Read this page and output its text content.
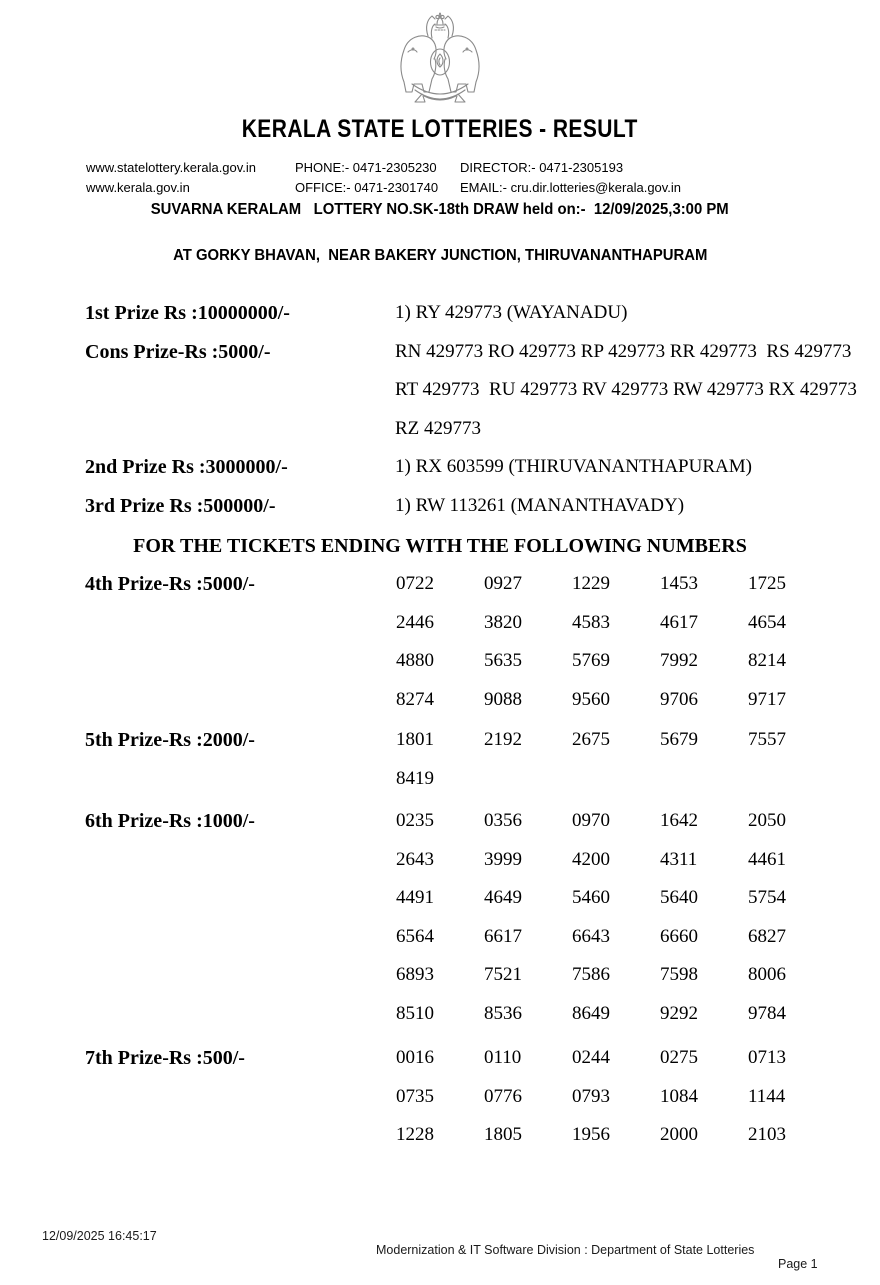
KERALA STATE LOTTERIES - RESULT
www.statelottery.kerala.gov.in	PHONE:- 0471-2305230	DIRECTOR:- 0471-2305193
www.kerala.gov.in	OFFICE:- 0471-2301740	EMAIL:- cru.dir.lotteries@kerala.gov.in
SUVARNA KERALAM   LOTTERY NO.SK-18th DRAW held on:-  12/09/2025,3:00 PM
AT GORKY BHAVAN,  NEAR BAKERY JUNCTION, THIRUVANANTHAPURAM
1st Prize Rs :10000000/-	1) RY 429773 (WAYANADU)
Cons Prize-Rs :5000/-	RN 429773 RO 429773 RP 429773 RR 429773  RS 429773
RT 429773  RU 429773 RV 429773 RW 429773 RX 429773
RZ 429773
2nd Prize Rs :3000000/-	1) RX 603599 (THIRUVANANTHAPURAM)
3rd Prize Rs :500000/-	1) RW 113261 (MANANTHAVADY)
FOR THE TICKETS ENDING WITH THE FOLLOWING NUMBERS
4th Prize-Rs :5000/-	0722	0927	1229	1453	1725
2446	3820	4583	4617	4654
4880	5635	5769	7992	8214
8274	9088	9560	9706	9717
5th Prize-Rs :2000/-	1801	2192	2675	5679	7557
8419
6th Prize-Rs :1000/-	0235	0356	0970	1642	2050
2643	3999	4200	4311	4461
4491	4649	5460	5640	5754
6564	6617	6643	6660	6827
6893	7521	7586	7598	8006
8510	8536	8649	9292	9784
7th Prize-Rs :500/-	0016	0110	0244	0275	0713
0735	0776	0793	1084	1144
1228	1805	1956	2000	2103

12/09/2025 16:45:17

Modernization & IT Software Division : Department of State Lotteries

Page 1
